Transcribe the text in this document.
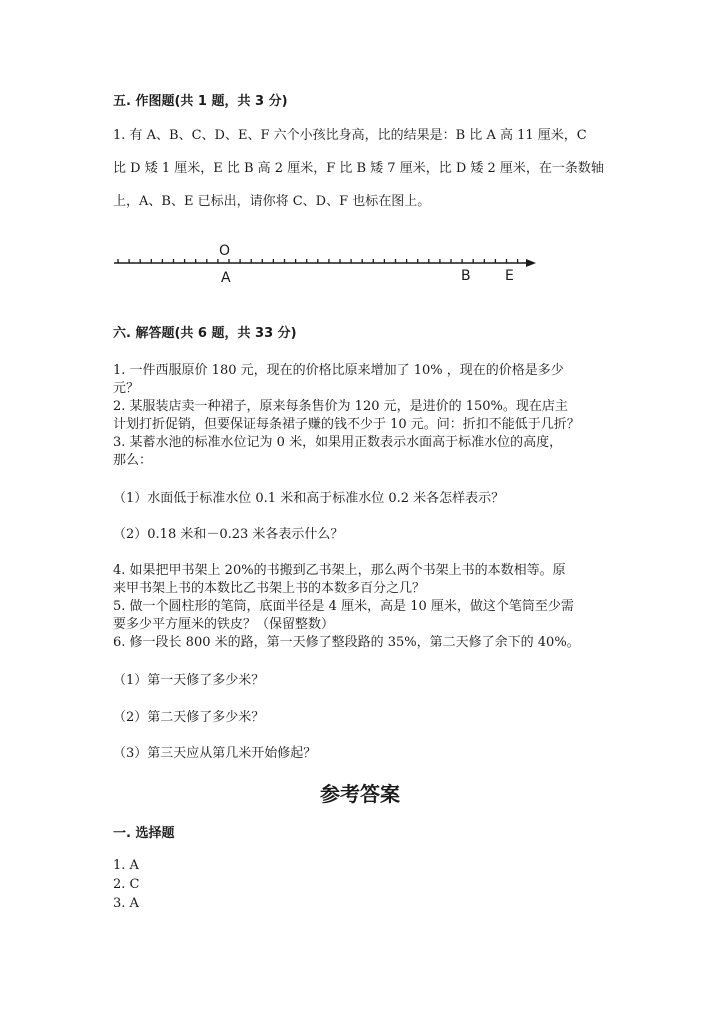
五. 作图题(共 1 题，共 3 分)
1. 有 A、B、C、D、E、F 六个小孩比身高，比的结果是：B 比 A 高 11 厘米，C
比 D 矮 1 厘米，E 比 B 高 2 厘米，F 比 B 矮 7 厘米，比 D 矮 2 厘米，在一条数轴
上，A、B、E 已标出，请你将 C、D、F 也标在图上。
O
A	B E
六. 解答题(共 6 题，共 33 分)
1. 一件西服原价 180 元，现在的价格比原来增加了 10% ，现在的价格是多少
元？
2. 某服装店卖一种裙子，原来每条售价为 120 元，是进价的 150%。现在店主
计划打折促销，但要保证每条裙子赚的钱不少于 10 元。问：折扣不能低于几折？
3. 某蓄水池的标准水位记为 0 米，如果用正数表示水面高于标准水位的高度，
那么：
（1）水面低于标准水位 0.1 米和高于标准水位 0.2 米各怎样表示？
（2）0.18 米和－0.23 米各表示什么？
4. 如果把甲书架上 20%的书搬到乙书架上，那么两个书架上书的本数相等。原
来甲书架上书的本数比乙书架上书的本数多百分之几？
5. 做一个圆柱形的笔筒，底面半径是 4 厘米，高是 10 厘米，做这个笔筒至少需
要多少平方厘米的铁皮？（保留整数）
6. 修一段长 800 米的路，第一天修了整段路的 35%，第二天修了余下的 40%。
（1）第一天修了多少米？
（2）第二天修了多少米？
（3）第三天应从第几米开始修起？
参考答案
一. 选择题
1. A
2. C
3. A
